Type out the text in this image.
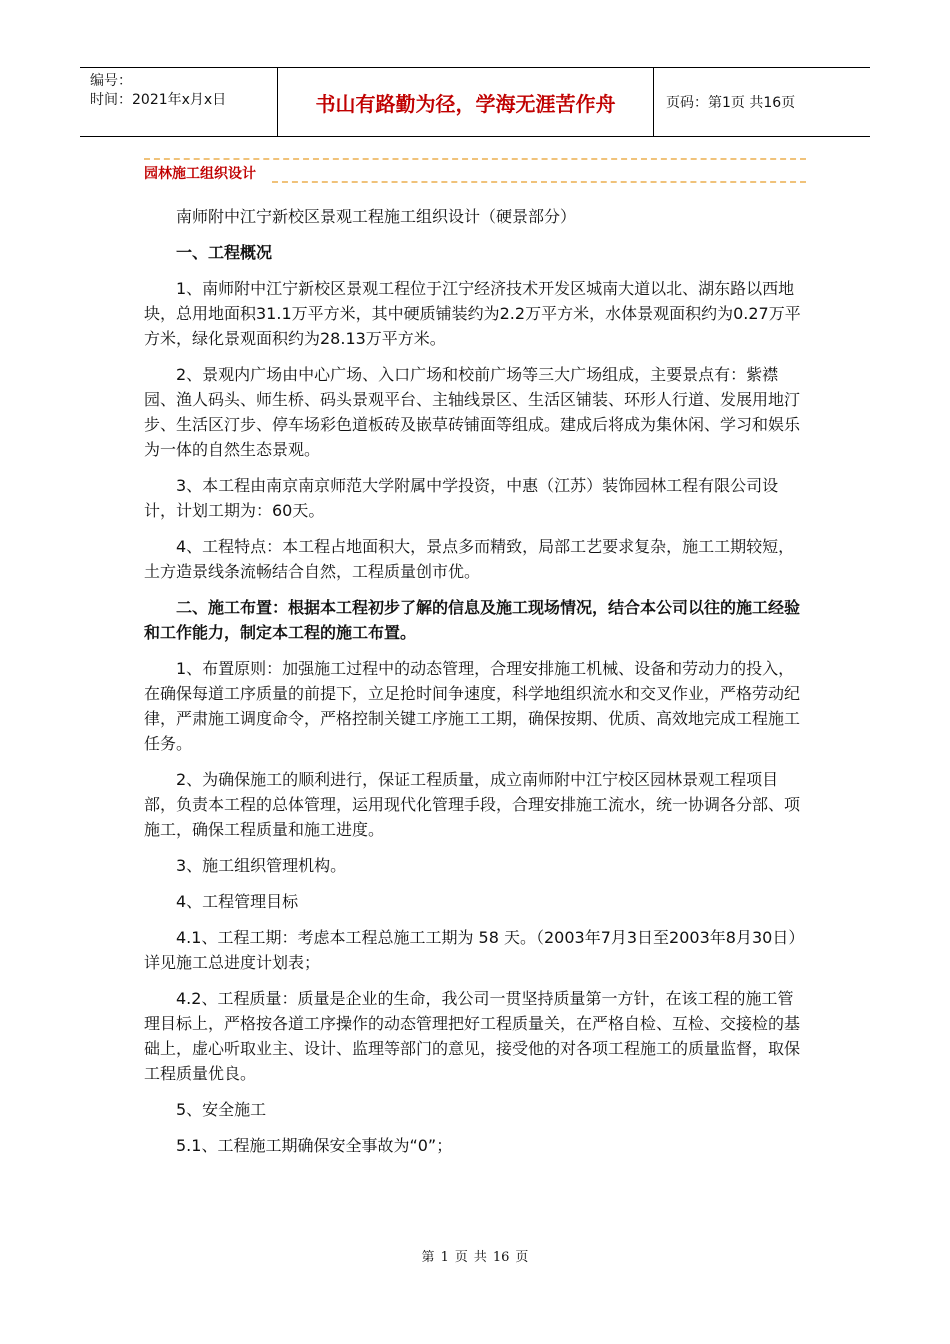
编号：
时间：2021年x月x日	书山有路勤为径，学海无涯苦作舟	页码：第1页 共16页
园林施工组织设计

南师附中江宁新校区景观工程施工组织设计（硬景部分）

一、工程概况

1、南师附中江宁新校区景观工程位于江宁经济技术开发区城南大道以北、湖东路以西地块，总用地面积31.1万平方米，其中硬质铺装约为2.2万平方米，水体景观面积约为0.27万平方米，绿化景观面积约为28.13万平方米。

2、景观内广场由中心广场、入口广场和校前广场等三大广场组成，主要景点有：紫襟园、渔人码头、师生桥、码头景观平台、主轴线景区、生活区铺装、环形人行道、发展用地汀步、生活区汀步、停车场彩色道板砖及嵌草砖铺面等组成。建成后将成为集休闲、学习和娱乐为一体的自然生态景观。

3、本工程由南京南京师范大学附属中学投资，中惠（江苏）装饰园林工程有限公司设计，计划工期为：60天。

4、工程特点：本工程占地面积大，景点多而精致，局部工艺要求复杂，施工工期较短，土方造景线条流畅结合自然，工程质量创市优。

二、施工布置：根据本工程初步了解的信息及施工现场情况，结合本公司以往的施工经验和工作能力，制定本工程的施工布置。

1、布置原则：加强施工过程中的动态管理，合理安排施工机械、设备和劳动力的投入，在确保每道工序质量的前提下，立足抢时间争速度，科学地组织流水和交叉作业，严格劳动纪律，严肃施工调度命令，严格控制关键工序施工工期，确保按期、优质、高效地完成工程施工任务。

2、为确保施工的顺利进行，保证工程质量，成立南师附中江宁校区园林景观工程项目部，负责本工程的总体管理，运用现代化管理手段，合理安排施工流水，统一协调各分部、项施工，确保工程质量和施工进度。

3、施工组织管理机构。

4、工程管理目标

4.1、工程工期：考虑本工程总施工工期为 58 天。（2003年7月3日至2003年8月30日）详见施工总进度计划表；

4.2、工程质量：质量是企业的生命，我公司一贯坚持质量第一方针，在该工程的施工管理目标上，严格按各道工序操作的动态管理把好工程质量关，在严格自检、互检、交接检的基础上，虚心听取业主、设计、监理等部门的意见，接受他的对各项工程施工的质量监督，取保工程质量优良。

5、安全施工

5.1、工程施工期确保安全事故为“0”；

第 1 页 共 16 页
